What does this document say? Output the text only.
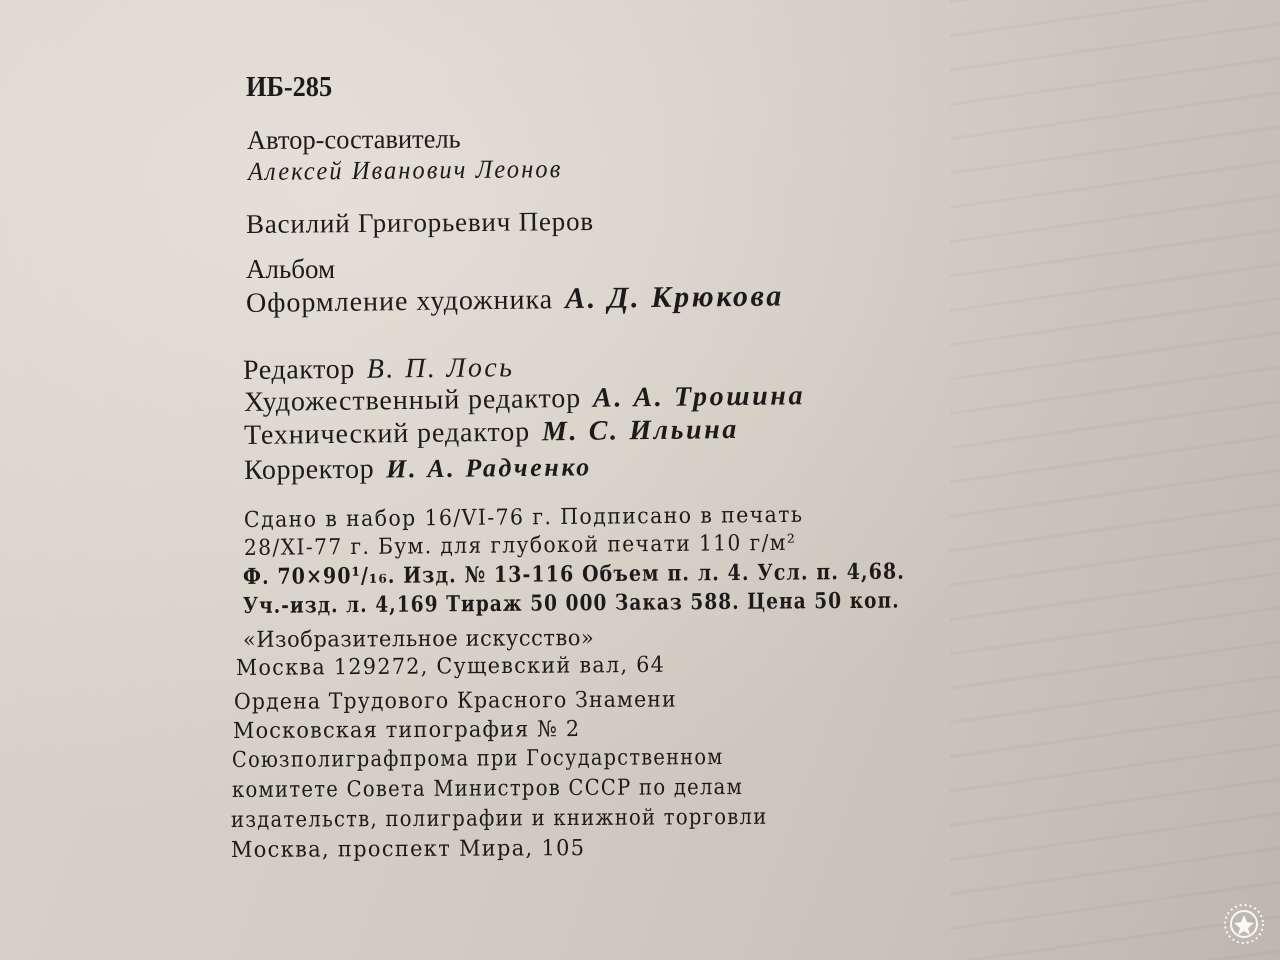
ИБ-285

Автор-составитель

Алексей Иванович Леонов

Василий Григорьевич Перов

Альбом

Оформление художника А. Д. Крюкова
Редактор В. П. Лось
Художественный редактор А. А. Трошина
Технический редактор М. С. Ильина
Корректор И. А. Радченко

Сдано в набор 16/VI-76 г. Подписано в печать

28/XI-77 г. Бум. для глубокой печати 110 г/м²

Ф. 70×90¹/₁₆. Изд. № 13-116 Объем п. л. 4. Усл. п. 4,68.

Уч.-изд. л. 4,169 Тираж 50 000 Заказ 588. Цена 50 коп.

«Изобразительное искусство»

Москва 129272, Сущевский вал, 64

Ордена Трудового Красного Знамени

Московская типография № 2

Союзполиграфпрома при Государственном

комитете Совета Министров СССР по делам

издательств, полиграфии и книжной торговли

Москва, проспект Мира, 105
